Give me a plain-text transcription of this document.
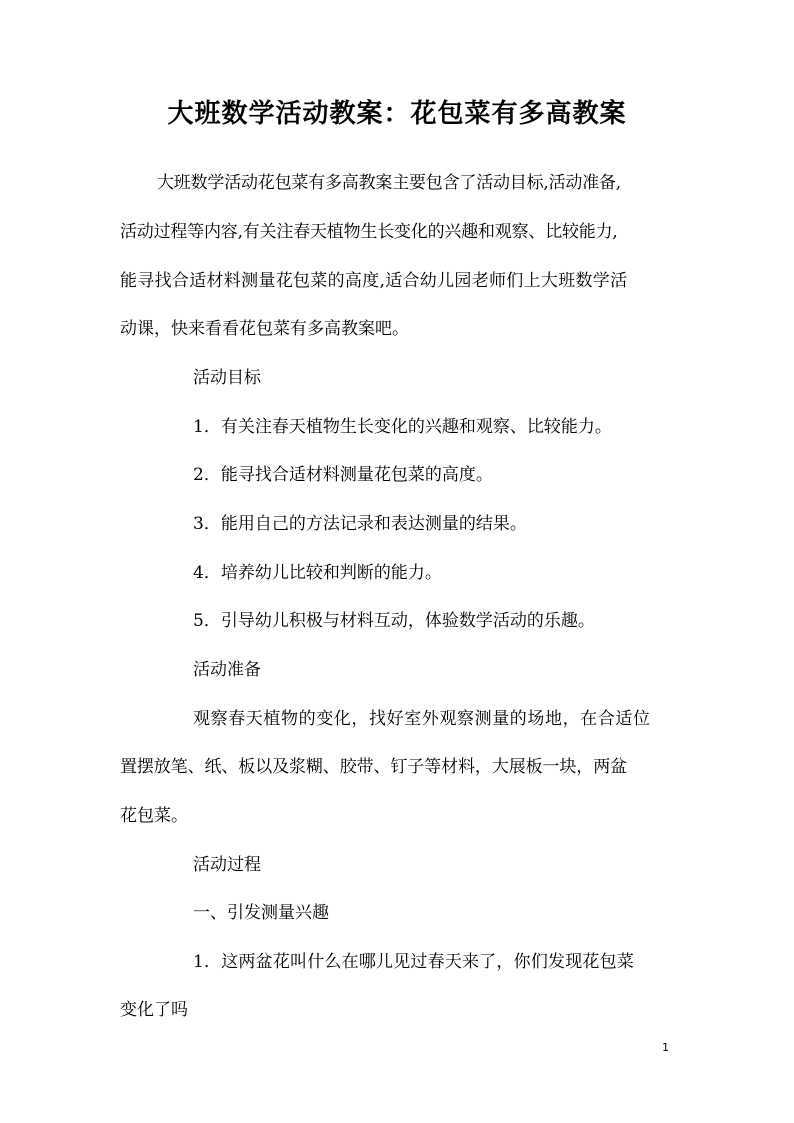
大班数学活动教案：花包菜有多高教案
大班数学活动花包菜有多高教案主要包含了活动目标,活动准备,
活动过程等内容,有关注春天植物生长变化的兴趣和观察、比较能力,
能寻找合适材料测量花包菜的高度,适合幼儿园老师们上大班数学活
动课，快来看看花包菜有多高教案吧。
活动目标
1．有关注春天植物生长变化的兴趣和观察、比较能力。
2．能寻找合适材料测量花包菜的高度。
3．能用自己的方法记录和表达测量的结果。
4．培养幼儿比较和判断的能力。
5．引导幼儿积极与材料互动，体验数学活动的乐趣。
活动准备
观察春天植物的变化，找好室外观察测量的场地，在合适位
置摆放笔、纸、板以及浆糊、胶带、钉子等材料，大展板一块，两盆
花包菜。
活动过程
一、引发测量兴趣
1．这两盆花叫什么在哪儿见过春天来了，你们发现花包菜
变化了吗
1
